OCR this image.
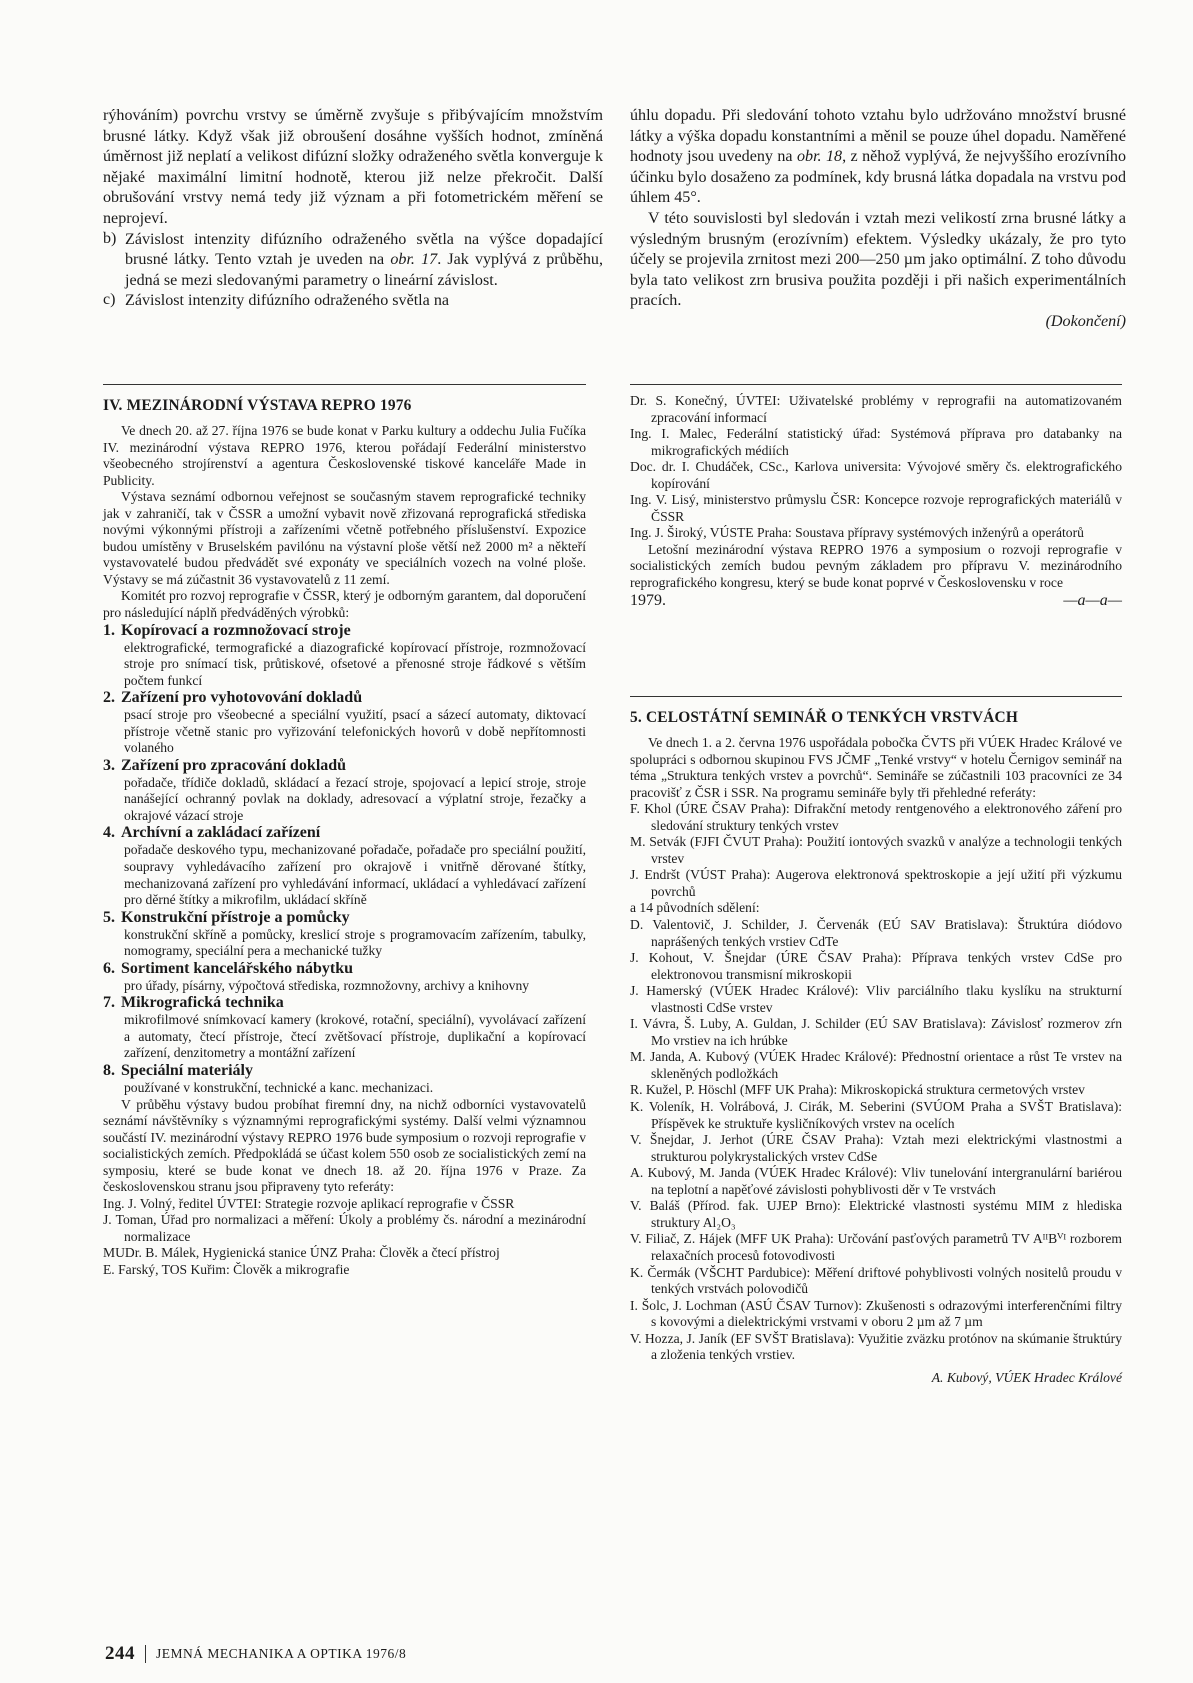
rýhováním) povrchu vrstvy se úměrně zvyšuje s přibývajícím množstvím brusné látky. Když však již obroušení dosáhne vyšších hodnot, zmíněná úměrnost již neplatí a velikost difúzní složky odraženého světla konverguje k nějaké maximální limitní hodnotě, kterou již nelze překročit. Další obrušování vrstvy nemá tedy již význam a při fotometrickém měření se neprojeví.

b) Závislost intenzity difúzního odraženého světla na výšce dopadající brusné látky. Tento vztah je uveden na obr. 17. Jak vyplývá z průběhu, jedná se mezi sledovanými parametry o lineární závislost.
c) Závislost intenzity difúzního odraženého světla na

úhlu dopadu. Při sledování tohoto vztahu bylo udržováno množství brusné látky a výška dopadu konstantními a měnil se pouze úhel dopadu. Naměřené hodnoty jsou uvedeny na obr. 18, z něhož vyplývá, že nejvyššího erozívního účinku bylo dosaženo za podmínek, kdy brusná látka dopadala na vrstvu pod úhlem 45°.

V této souvislosti byl sledován i vztah mezi velikostí zrna brusné látky a výsledným brusným (erozívním) efektem. Výsledky ukázaly, že pro tyto účely se projevila zrnitost mezi 200—250 µm jako optimální. Z toho důvodu byla tato velikost zrn brusiva použita později i při našich experimentálních pracích.

(Dokončení)

IV. MEZINÁRODNÍ VÝSTAVA REPRO 1976

Ve dnech 20. až 27. října 1976 se bude konat v Parku kultury a oddechu Julia Fučíka IV. mezinárodní výstava REPRO 1976, kterou pořádají Federální ministerstvo všeobecného strojírenství a agentura Československé tiskové kanceláře Made in Publicity.

Výstava seznámí odbornou veřejnost se současným stavem reprografické techniky jak v zahraničí, tak v ČSSR a umožní vybavit nově zřizovaná reprografická střediska novými výkonnými přístroji a zařízeními včetně potřebného příslušenství. Expozice budou umístěny v Bruselském pavilónu na výstavní ploše větší než 2000 m² a někteří vystavovatelé budou předvádět své exponáty ve speciálních vozech na volné ploše. Výstavy se má zúčastnit 36 vystavovatelů z 11 zemí.

Komitét pro rozvoj reprografie v ČSSR, který je odborným garantem, dal doporučení pro následující náplň předváděných výrobků:

1. Kopírovací a rozmnožovací stroje

elektrografické, termografické a diazografické kopírovací přístroje, rozmnožovací stroje pro snímací tisk, průtiskové, ofsetové a přenosné stroje řádkové s větším počtem funkcí

2. Zařízení pro vyhotovování dokladů

psací stroje pro všeobecné a speciální využití, psací a sázecí automaty, diktovací přístroje včetně stanic pro vyřizování telefonických hovorů v době nepřítomnosti volaného

3. Zařízení pro zpracování dokladů

pořadače, třídiče dokladů, skládací a řezací stroje, spojovací a lepicí stroje, stroje nanášející ochranný povlak na doklady, adresovací a výplatní stroje, řezačky a okrajové vázací stroje

4. Archívní a zakládací zařízení

pořadače deskového typu, mechanizované pořadače, pořadače pro speciální použití, soupravy vyhledávacího zařízení pro okrajově i vnitřně děrované štítky, mechanizovaná zařízení pro vyhledávání informací, ukládací a vyhledávací zařízení pro děrné štítky a mikrofilm, ukládací skříně

5. Konstrukční přístroje a pomůcky

konstrukční skříně a pomůcky, kreslicí stroje s programovacím zařízením, tabulky, nomogramy, speciální pera a mechanické tužky

6. Sortiment kancelářského nábytku

pro úřady, písárny, výpočtová střediska, rozmnožovny, archivy a knihovny

7. Mikrografická technika

mikrofilmové snímkovací kamery (krokové, rotační, speciální), vyvolávací zařízení a automaty, čtecí přístroje, čtecí zvětšovací přístroje, duplikační a kopírovací zařízení, denzitometry a montážní zařízení

8. Speciální materiály

používané v konstrukční, technické a kanc. mechanizaci.

V průběhu výstavy budou probíhat firemní dny, na nichž odborníci vystavovatelů seznámí návštěvníky s významnými reprografickými systémy. Další velmi významnou součástí IV. mezinárodní výstavy REPRO 1976 bude symposium o rozvoji reprografie v socialistických zemích. Předpokládá se účast kolem 550 osob ze socialistických zemí na symposiu, které se bude konat ve dnech 18. až 20. října 1976 v Praze. Za československou stranu jsou připraveny tyto referáty:

Ing. J. Volný, ředitel ÚVTEI: Strategie rozvoje aplikací reprografie v ČSSR

J. Toman, Úřad pro normalizaci a měření: Úkoly a problémy čs. národní a mezinárodní normalizace

MUDr. B. Málek, Hygienická stanice ÚNZ Praha: Člověk a čtecí přístroj

E. Farský, TOS Kuřim: Člověk a mikrografie

Dr. S. Konečný, ÚVTEI: Uživatelské problémy v reprografii na automatizovaném zpracování informací

Ing. I. Malec, Federální statistický úřad: Systémová příprava pro databanky na mikrografických médiích

Doc. dr. I. Chudáček, CSc., Karlova universita: Vývojové směry čs. elektrografického kopírování

Ing. V. Lisý, ministerstvo průmyslu ČSR: Koncepce rozvoje reprografických materiálů v ČSSR

Ing. J. Široký, VÚSTE Praha: Soustava přípravy systémových inženýrů a operátorů

Letošní mezinárodní výstava REPRO 1976 a symposium o rozvoji reprografie v socialistických zemích budou pevným základem pro přípravu V. mezinárodního reprografického kongresu, který se bude konat poprvé v Československu v roce

1979.	—a—a—
5. CELOSTÁTNÍ SEMINÁŘ O TENKÝCH VRSTVÁCH

Ve dnech 1. a 2. června 1976 uspořádala pobočka ČVTS při VÚEK Hradec Králové ve spolupráci s odbornou skupinou FVS JČMF „Tenké vrstvy“ v hotelu Černigov seminář na téma „Struktura tenkých vrstev a povrchů“. Semináře se zúčastnili 103 pracovníci ze 34 pracovišť z ČSR i SSR. Na programu semináře byly tři přehledné referáty:

F. Khol (ÚRE ČSAV Praha): Difrakční metody rentgenového a elektronového záření pro sledování struktury tenkých vrstev

M. Setvák (FJFI ČVUT Praha): Použití iontových svazků v analýze a technologii tenkých vrstev

J. Endršt (VÚST Praha): Augerova elektronová spektroskopie a její užití při výzkumu povrchů

a 14 původních sdělení:

D. Valentovič, J. Schilder, J. Červenák (EÚ SAV Bratislava): Štruktúra diódovo naprášených tenkých vrstiev CdTe

J. Kohout, V. Šnejdar (ÚRE ČSAV Praha): Příprava tenkých vrstev CdSe pro elektronovou transmisní mikroskopii

J. Hamerský (VÚEK Hradec Králové): Vliv parciálního tlaku kyslíku na strukturní vlastnosti CdSe vrstev

I. Vávra, Š. Luby, A. Guldan, J. Schilder (EÚ SAV Bratislava): Závislosť rozmerov zŕn Mo vrstiev na ich hrúbke

M. Janda, A. Kubový (VÚEK Hradec Králové): Přednostní orientace a růst Te vrstev na skleněných podložkách

R. Kužel, P. Höschl (MFF UK Praha): Mikroskopická struktura cermetových vrstev

K. Voleník, H. Volrábová, J. Cirák, M. Seberini (SVÚOM Praha a SVŠT Bratislava): Příspěvek ke struktuře kysličníkových vrstev na ocelích

V. Šnejdar, J. Jerhot (ÚRE ČSAV Praha): Vztah mezi elektrickými vlastnostmi a strukturou polykrystalických vrstev CdSe

A. Kubový, M. Janda (VÚEK Hradec Králové): Vliv tunelování intergranulární bariérou na teplotní a napěťové závislosti pohyblivosti děr v Te vrstvách

V. Baláš (Přírod. fak. UJEP Brno): Elektrické vlastnosti systému MIM z hlediska struktury Al₂O₃

V. Filiač, Z. Hájek (MFF UK Praha): Určování pasťových parametrů TV AᴵᴵBⱽᴵ rozborem relaxačních procesů fotovodivosti

K. Čermák (VŠCHT Pardubice): Měření driftové pohyblivosti volných nositelů proudu v tenkých vrstvách polovodičů

I. Šolc, J. Lochman (ASÚ ČSAV Turnov): Zkušenosti s odrazovými interferenčními filtry s kovovými a dielektrickými vrstvami v oboru 2 µm až 7 µm

V. Hozza, J. Janík (EF SVŠT Bratislava): Využitie zväzku protónov na skúmanie štruktúry a zloženia tenkých vrstiev.

A. Kubový, VÚEK Hradec Králové

244 JEMNÁ MECHANIKA A OPTIKA 1976/8
